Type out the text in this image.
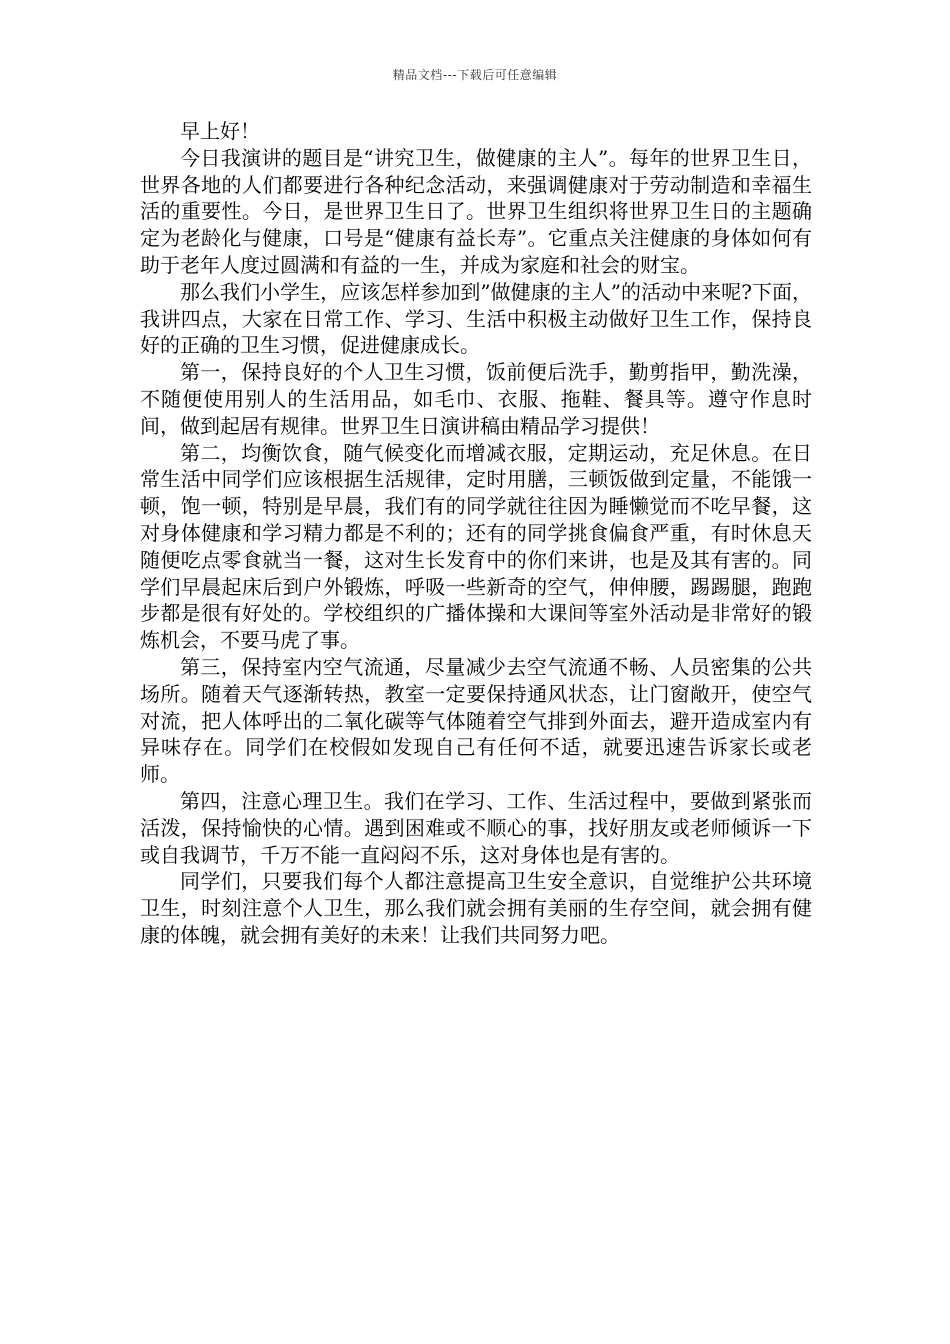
精品文档---下载后可任意编辑

早上好！

今日我演讲的题目是“讲究卫生，做健康的主人”。每年的世界卫生日，世界各地的人们都要进行各种纪念活动，来强调健康对于劳动制造和幸福生活的重要性。今日，是世界卫生日了。世界卫生组织将世界卫生日的主题确定为老龄化与健康，口号是“健康有益长寿”。它重点关注健康的身体如何有助于老年人度过圆满和有益的一生，并成为家庭和社会的财宝。

那么我们小学生，应该怎样参加到”做健康的主人”的活动中来呢?下面，我讲四点，大家在日常工作、学习、生活中积极主动做好卫生工作，保持良好的正确的卫生习惯，促进健康成长。

第一，保持良好的个人卫生习惯，饭前便后洗手，勤剪指甲，勤洗澡，不随便使用别人的生活用品，如毛巾、衣服、拖鞋、餐具等。遵守作息时间，做到起居有规律。世界卫生日演讲稿由精品学习提供！

第二，均衡饮食，随气候变化而增减衣服，定期运动，充足休息。在日常生活中同学们应该根据生活规律，定时用膳，三顿饭做到定量，不能饿一顿，饱一顿，特别是早晨，我们有的同学就往往因为睡懒觉而不吃早餐，这对身体健康和学习精力都是不利的；还有的同学挑食偏食严重，有时休息天随便吃点零食就当一餐，这对生长发育中的你们来讲，也是及其有害的。同学们早晨起床后到户外锻炼，呼吸一些新奇的空气，伸伸腰，踢踢腿，跑跑步都是很有好处的。学校组织的广播体操和大课间等室外活动是非常好的锻炼机会，不要马虎了事。

第三，保持室内空气流通，尽量减少去空气流通不畅、人员密集的公共场所。随着天气逐渐转热，教室一定要保持通风状态，让门窗敞开，使空气对流，把人体呼出的二氧化碳等气体随着空气排到外面去，避开造成室内有异味存在。同学们在校假如发现自己有任何不适，就要迅速告诉家长或老师。

第四，注意心理卫生。我们在学习、工作、生活过程中，要做到紧张而活泼，保持愉快的心情。遇到困难或不顺心的事，找好朋友或老师倾诉一下或自我调节，千万不能一直闷闷不乐，这对身体也是有害的。

同学们，只要我们每个人都注意提高卫生安全意识，自觉维护公共环境卫生，时刻注意个人卫生，那么我们就会拥有美丽的生存空间，就会拥有健康的体魄，就会拥有美好的未来！让我们共同努力吧。
